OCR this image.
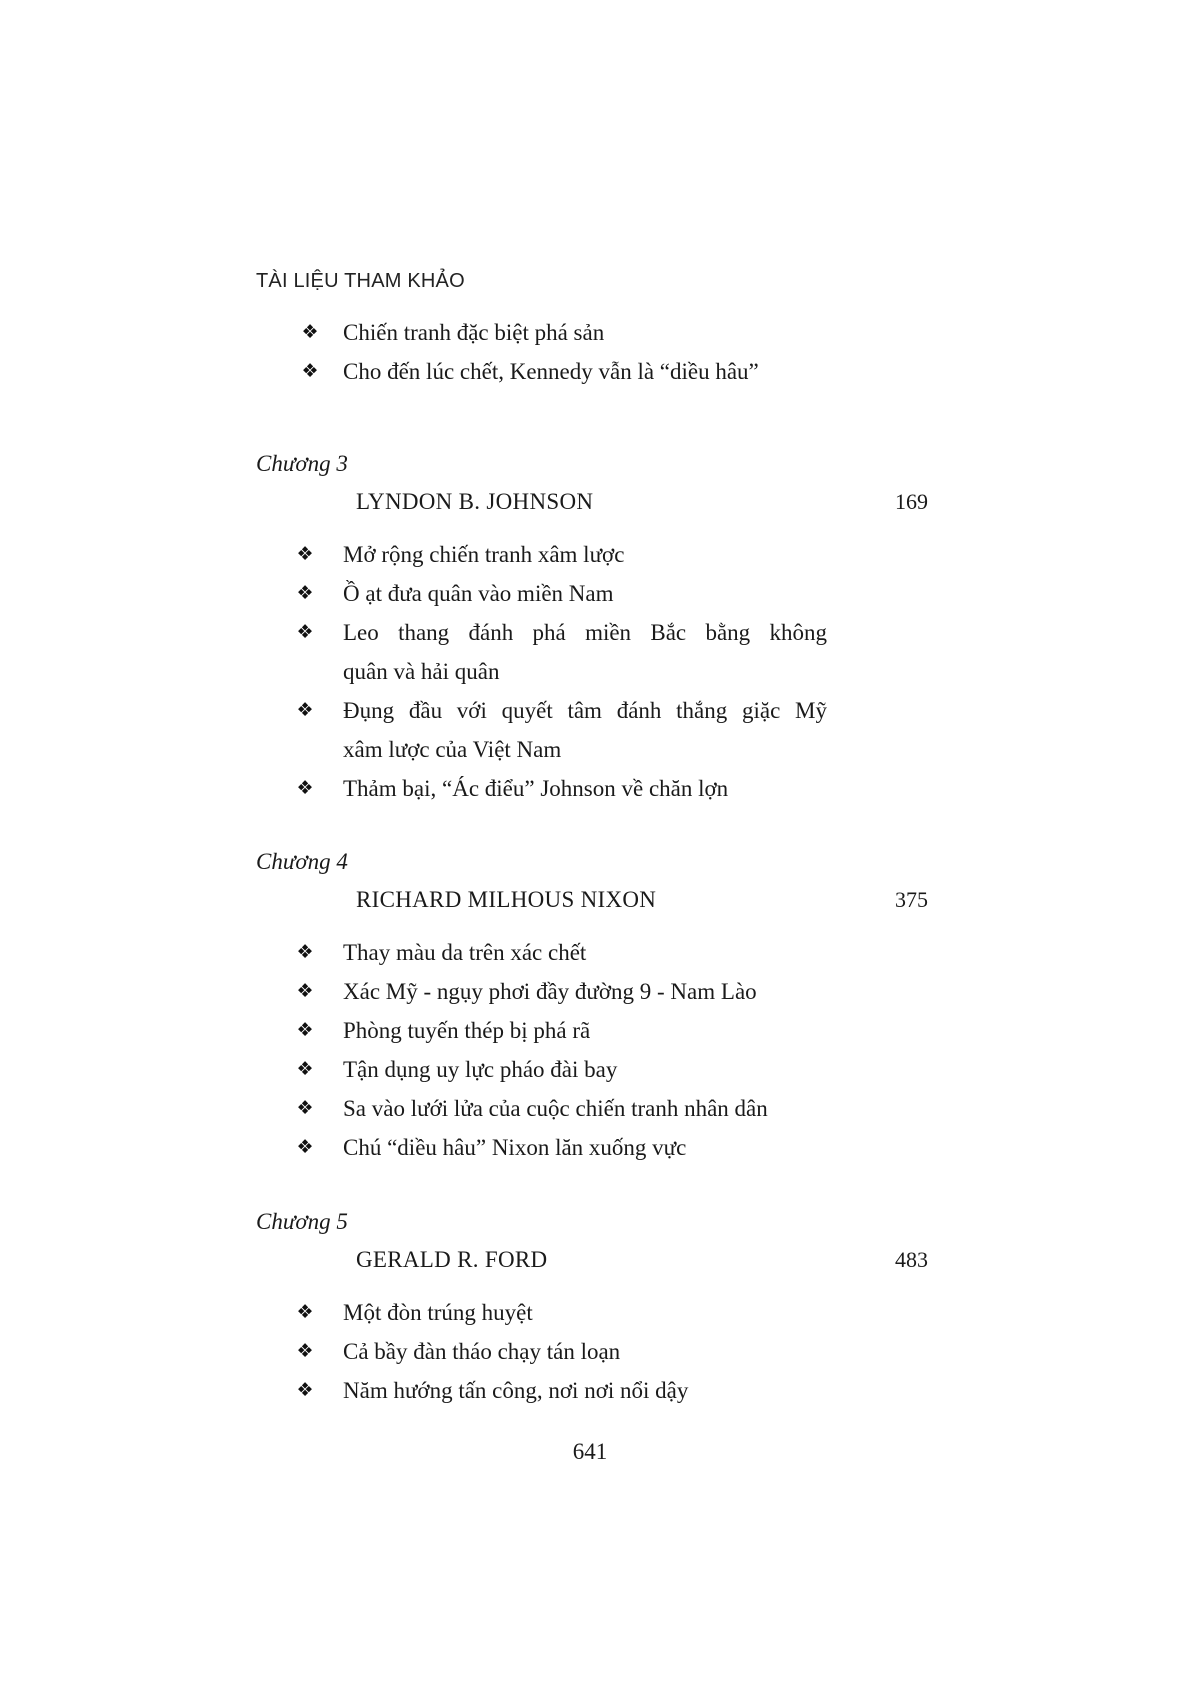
TÀI LIỆU THAM KHẢO
❖ Chiến tranh đặc biệt phá sản
❖ Cho đến lúc chết, Kennedy vẫn là “diều hâu”
Chương 3
LYNDON B. JOHNSON	169
❖ Mở rộng chiến tranh xâm lược
❖ Ồ ạt đưa quân vào miền Nam
❖ Leo thang đánh phá miền Bắc bằng không
quân và hải quân
❖ Đụng đầu với quyết tâm đánh thắng giặc Mỹ
xâm lược của Việt Nam
❖ Thảm bại, “Ác điểu” Johnson về chăn lợn
Chương 4
RICHARD MILHOUS NIXON	375
❖ Thay màu da trên xác chết
❖ Xác Mỹ - ngụy phơi đầy đường 9 - Nam Lào
❖ Phòng tuyến thép bị phá rã
❖ Tận dụng uy lực pháo đài bay
❖ Sa vào lưới lửa của cuộc chiến tranh nhân dân
❖ Chú “diều hâu” Nixon lăn xuống vực
Chương 5
GERALD R. FORD	483
❖ Một đòn trúng huyệt
❖ Cả bầy đàn tháo chạy tán loạn
❖ Năm hướng tấn công, nơi nơi nổi dậy
641
